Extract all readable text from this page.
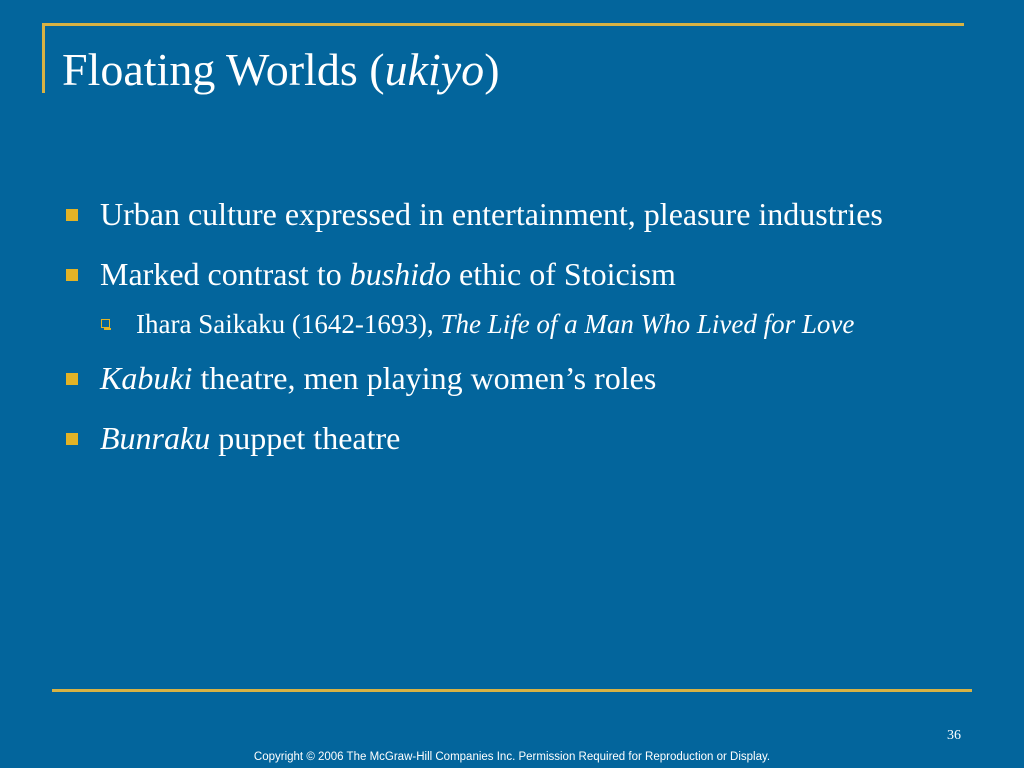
Floating Worlds (ukiyo)
Urban culture expressed in entertainment, pleasure industries
Marked contrast to bushido ethic of Stoicism
Ihara Saikaku (1642-1693), The Life of a Man Who Lived for Love
Kabuki theatre, men playing women’s roles
Bunraku puppet theatre
36
Copyright © 2006 The McGraw-Hill Companies Inc. Permission Required for Reproduction or Display.
